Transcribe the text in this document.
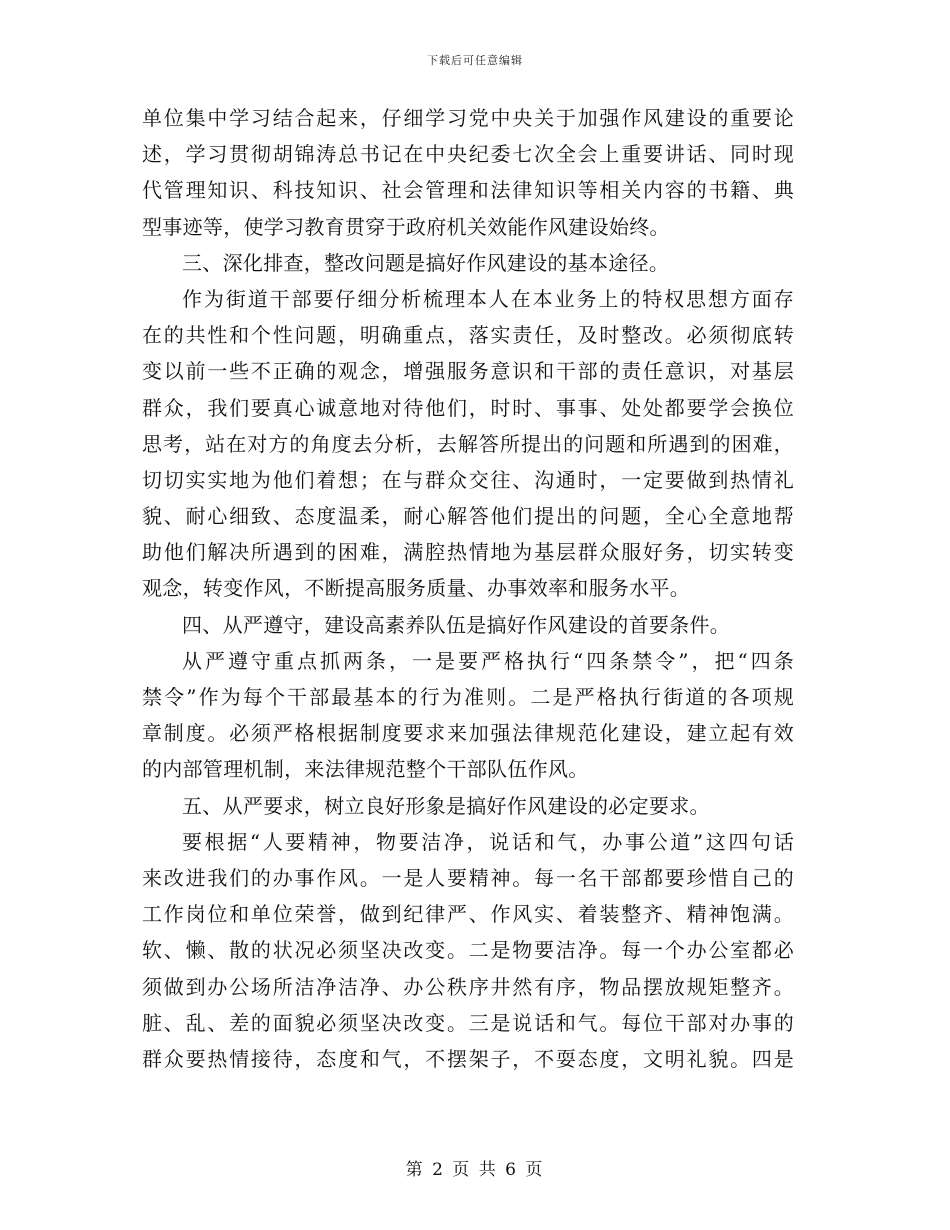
下载后可任意编辑
单位集中学习结合起来，仔细学习党中央关于加强作风建设的重要论
述，学习贯彻胡锦涛总书记在中央纪委七次全会上重要讲话、同时现
代管理知识、科技知识、社会管理和法律知识等相关内容的书籍、典
型事迹等，使学习教育贯穿于政府机关效能作风建设始终。
三、深化排查，整改问题是搞好作风建设的基本途径。
作为街道干部要仔细分析梳理本人在本业务上的特权思想方面存
在的共性和个性问题，明确重点，落实责任，及时整改。必须彻底转
变以前一些不正确的观念，增强服务意识和干部的责任意识，对基层
群众，我们要真心诚意地对待他们，时时、事事、处处都要学会换位
思考，站在对方的角度去分析，去解答所提出的问题和所遇到的困难，
切切实实地为他们着想；在与群众交往、沟通时，一定要做到热情礼
貌、耐心细致、态度温柔，耐心解答他们提出的问题，全心全意地帮
助他们解决所遇到的困难，满腔热情地为基层群众服好务，切实转变
观念，转变作风，不断提高服务质量、办事效率和服务水平。
四、从严遵守，建设高素养队伍是搞好作风建设的首要条件。
从严遵守重点抓两条，一是要严格执行“四条禁令”，把“四条
禁令”作为每个干部最基本的行为准则。二是严格执行街道的各项规
章制度。必须严格根据制度要求来加强法律规范化建设，建立起有效
的内部管理机制，来法律规范整个干部队伍作风。
五、从严要求，树立良好形象是搞好作风建设的必定要求。
要根据“人要精神，物要洁净，说话和气，办事公道”这四句话
来改进我们的办事作风。一是人要精神。每一名干部都要珍惜自己的
工作岗位和单位荣誉，做到纪律严、作风实、着装整齐、精神饱满。
软、懒、散的状况必须坚决改变。二是物要洁净。每一个办公室都必
须做到办公场所洁净洁净、办公秩序井然有序，物品摆放规矩整齐。
脏、乱、差的面貌必须坚决改变。三是说话和气。每位干部对办事的
群众要热情接待，态度和气，不摆架子，不耍态度，文明礼貌。四是
第 2 页 共 6 页
